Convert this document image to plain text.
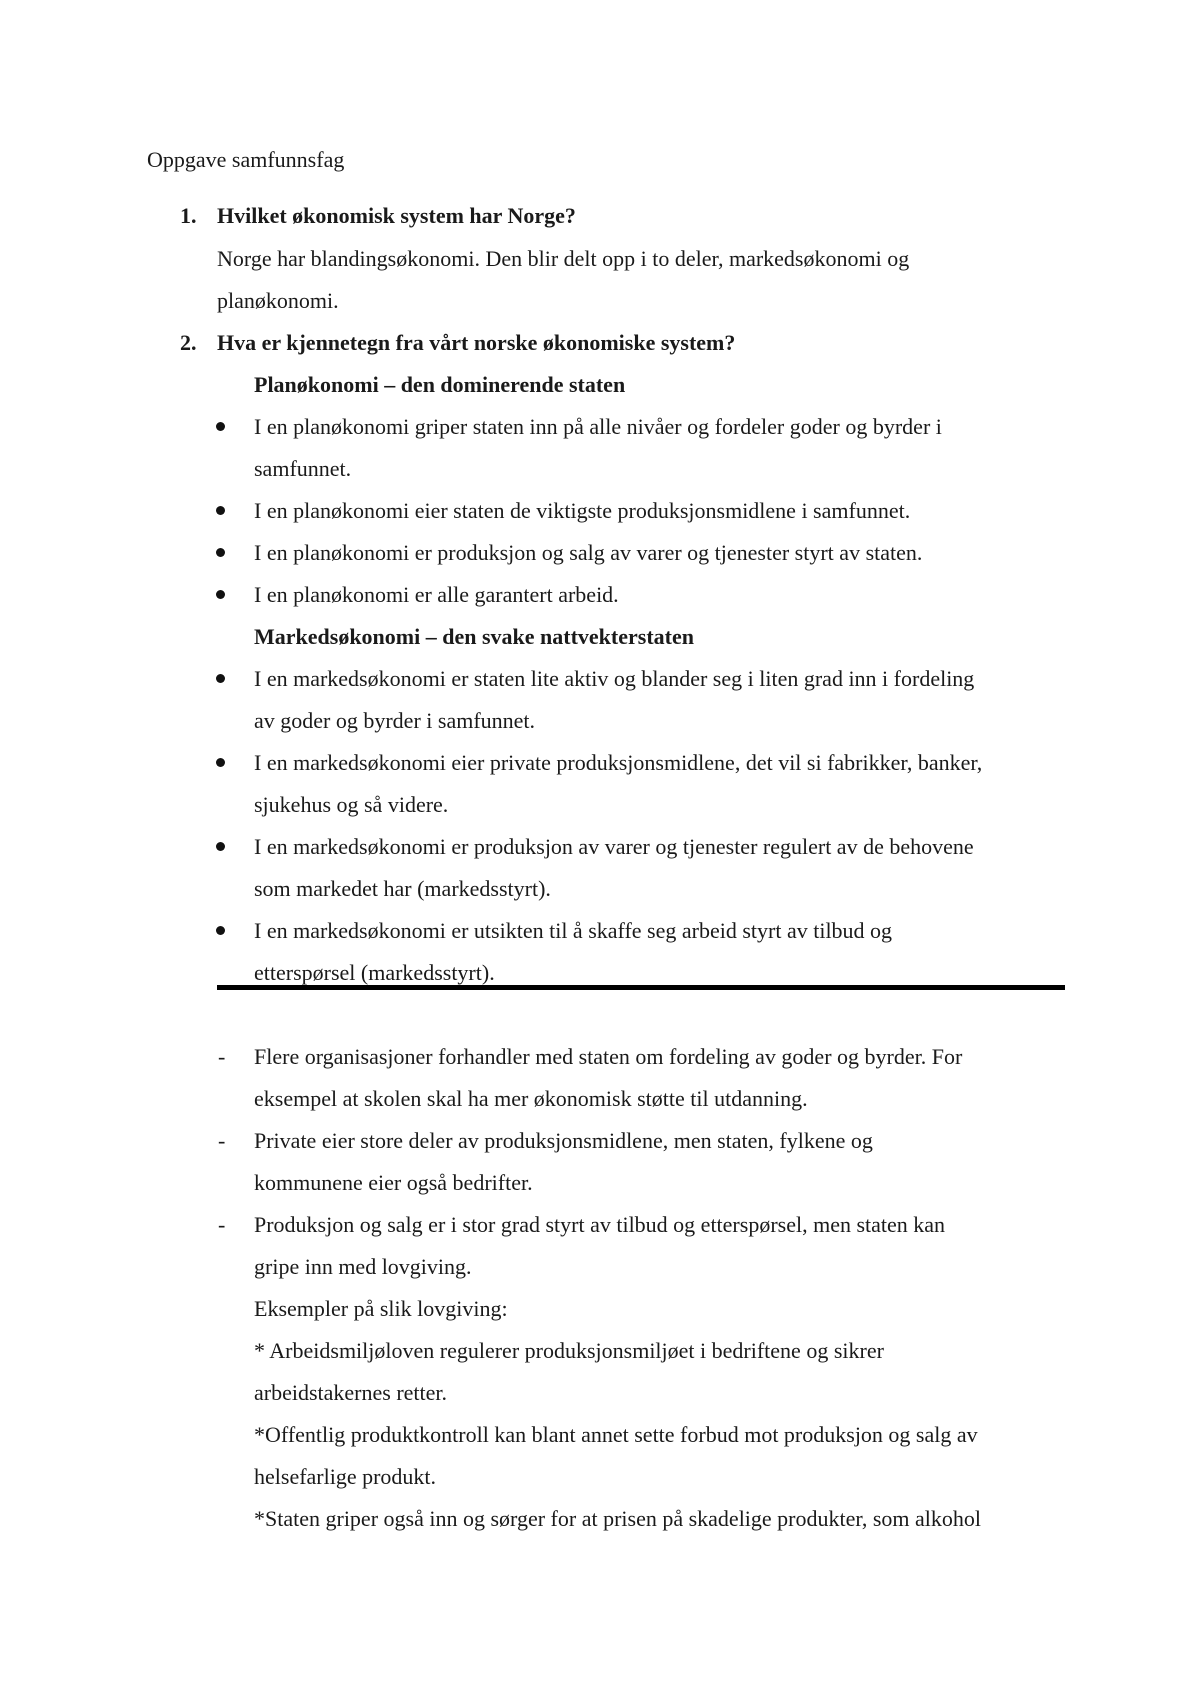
Oppgave samfunnsfag
1. Hvilket økonomisk system har Norge?
Norge har blandingsøkonomi. Den blir delt opp i to deler, markedsøkonomi og
planøkonomi.
2. Hva er kjennetegn fra vårt norske økonomiske system?
Planøkonomi – den dominerende staten
I en planøkonomi griper staten inn på alle nivåer og fordeler goder og byrder i
samfunnet.
I en planøkonomi eier staten de viktigste produksjonsmidlene i samfunnet.
I en planøkonomi er produksjon og salg av varer og tjenester styrt av staten.
I en planøkonomi er alle garantert arbeid.
Markedsøkonomi – den svake nattvekterstaten
I en markedsøkonomi er staten lite aktiv og blander seg i liten grad inn i fordeling
av goder og byrder i samfunnet.
I en markedsøkonomi eier private produksjonsmidlene, det vil si fabrikker, banker,
sjukehus og så videre.
I en markedsøkonomi er produksjon av varer og tjenester regulert av de behovene
som markedet har (markedsstyrt).
I en markedsøkonomi er utsikten til å skaffe seg arbeid styrt av tilbud og
etterspørsel (markedsstyrt).
- Flere organisasjoner forhandler med staten om fordeling av goder og byrder. For
eksempel at skolen skal ha mer økonomisk støtte til utdanning.
- Private eier store deler av produksjonsmidlene, men staten, fylkene og
kommunene eier også bedrifter.
- Produksjon og salg er i stor grad styrt av tilbud og etterspørsel, men staten kan
gripe inn med lovgiving.
Eksempler på slik lovgiving:
* Arbeidsmiljøloven regulerer produksjonsmiljøet i bedriftene og sikrer
arbeidstakernes retter.
*Offentlig produktkontroll kan blant annet sette forbud mot produksjon og salg av
helsefarlige produkt.
*Staten griper også inn og sørger for at prisen på skadelige produkter, som alkohol
